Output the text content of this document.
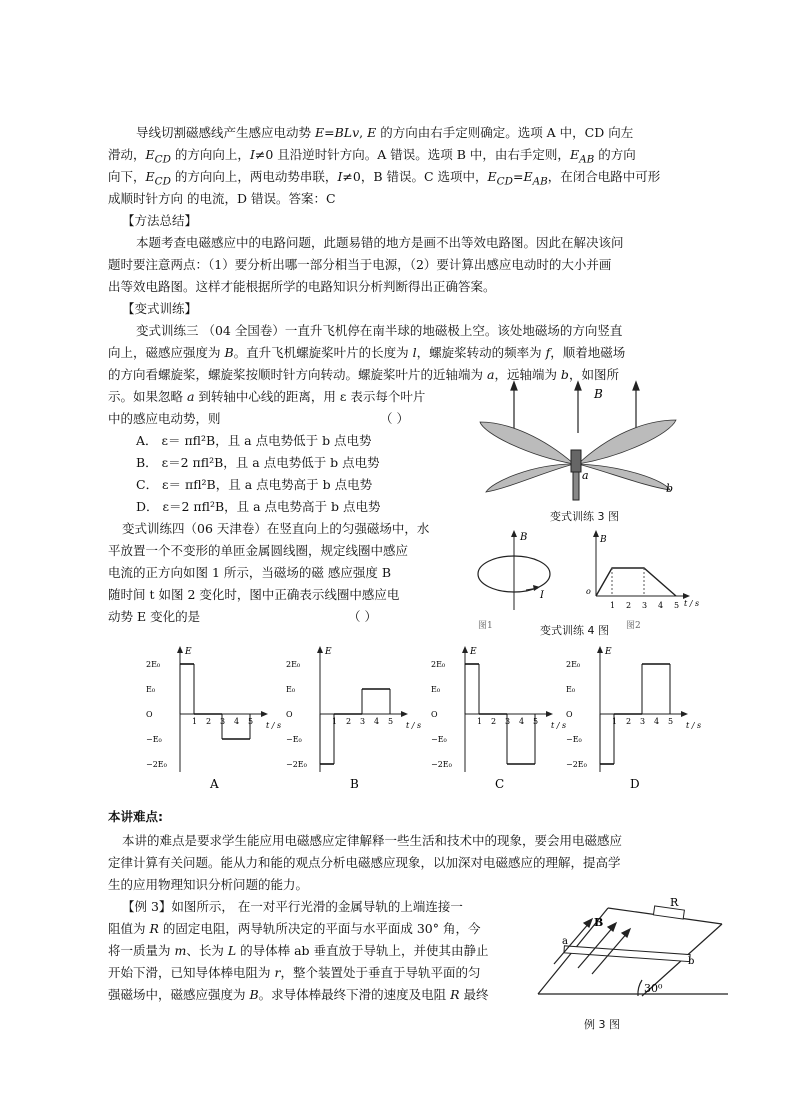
导线切割磁感线产生感应电动势 E=BLv, E 的方向由右手定则确定。选项 A 中，CD 向左
滑动，$E_{CD}$ 的方向向上，I≠0 且沿逆时针方向。A 错误。选项 B 中，由右手定则，$E_{AB}$ 的方向
向下，$E_{CD}$ 的方向向上，两电动势串联，I≠0，B 错误。C 选项中，$E_{CD}=E_{AB}$，在闭合电路中可形
成顺时针方向 的电流，D 错误。答案：C
【方法总结】
本题考查电磁感应中的电路问题，此题易错的地方是画不出等效电路图。因此在解决该问
题时要注意两点：（1）要分析出哪一部分相当于电源，（2）要计算出感应电动时的大小并画
出等效电路图。这样才能根据所学的电路知识分析判断得出正确答案。
【变式训练】
变式训练三 （04 全国卷）一直升飞机停在南半球的地磁极上空。该处地磁场的方向竖直
向上，磁感应强度为 B。直升飞机螺旋桨叶片的长度为 l，螺旋桨转动的频率为 f，顺着地磁场
的方向看螺旋桨，螺旋桨按顺时针方向转动。螺旋桨叶片的近轴端为 a，远轴端为 b，如图所
示。如果忽略 a 到转轴中心线的距离，用 ε 表示每个叶片
中的感应电动势，则	（ ）
A． ε＝ πfl²B，且 a 点电势低于 b 点电势
B． ε＝2 πfl²B，且 a 点电势低于 b 点电势
C． ε＝ πfl²B，且 a 点电势高于 b 点电势
D． ε＝2 πfl²B，且 a 点电势高于 b 点电势
变式训练四（06 天津卷）在竖直向上的匀强磁场中，水
平放置一个不变形的单匝金属圆线圈，规定线圈中感应
电流的正方向如图 1 所示，当磁场的磁 感应强度 B
随时间 t 如图 2 变化时，图中正确表示线圈中感应电
动势 E 变化的是	（ ）
B
a
b
变式训练 3 图
B
I
图1
B
o
1 2 3 4 5 t / s
图2
变式训练 4 图
E
2E₀
E₀
O
−E₀
−2E₀
1 2 3 4 5 t / s
A
E
2E₀
E₀
O
−E₀
−2E₀
1 2 3 4 5 t / s
B
E
2E₀
E₀
O
−E₀
−2E₀
1 2 3 4 5 t / s
C
E
2E₀
E₀
O
−E₀
−2E₀
1 2 3 4 5 t / s
D
本讲难点:
本讲的难点是要求学生能应用电磁感应定律解释一些生活和技术中的现象，要会用电磁感应
定律计算有关问题。能从力和能的观点分析电磁感应现象，以加深对电磁感应的理解，提高学
生的应用物理知识分析问题的能力。
【例 3】如图所示， 在一对平行光滑的金属导轨的上端连接一
阻值为 R 的固定电阻，两导轨所决定的平面与水平面成 30° 角，今
将一质量为 m、长为 L 的导体棒 ab 垂直放于导轨上，并使其由静止
开始下滑，已知导体棒电阻为 r，整个装置处于垂直于导轨平面的匀
强磁场中，磁感应强度为 B。求导体棒最终下滑的速度及电阻 R 最终
R
B
a
b
30⁰
例 3 图
